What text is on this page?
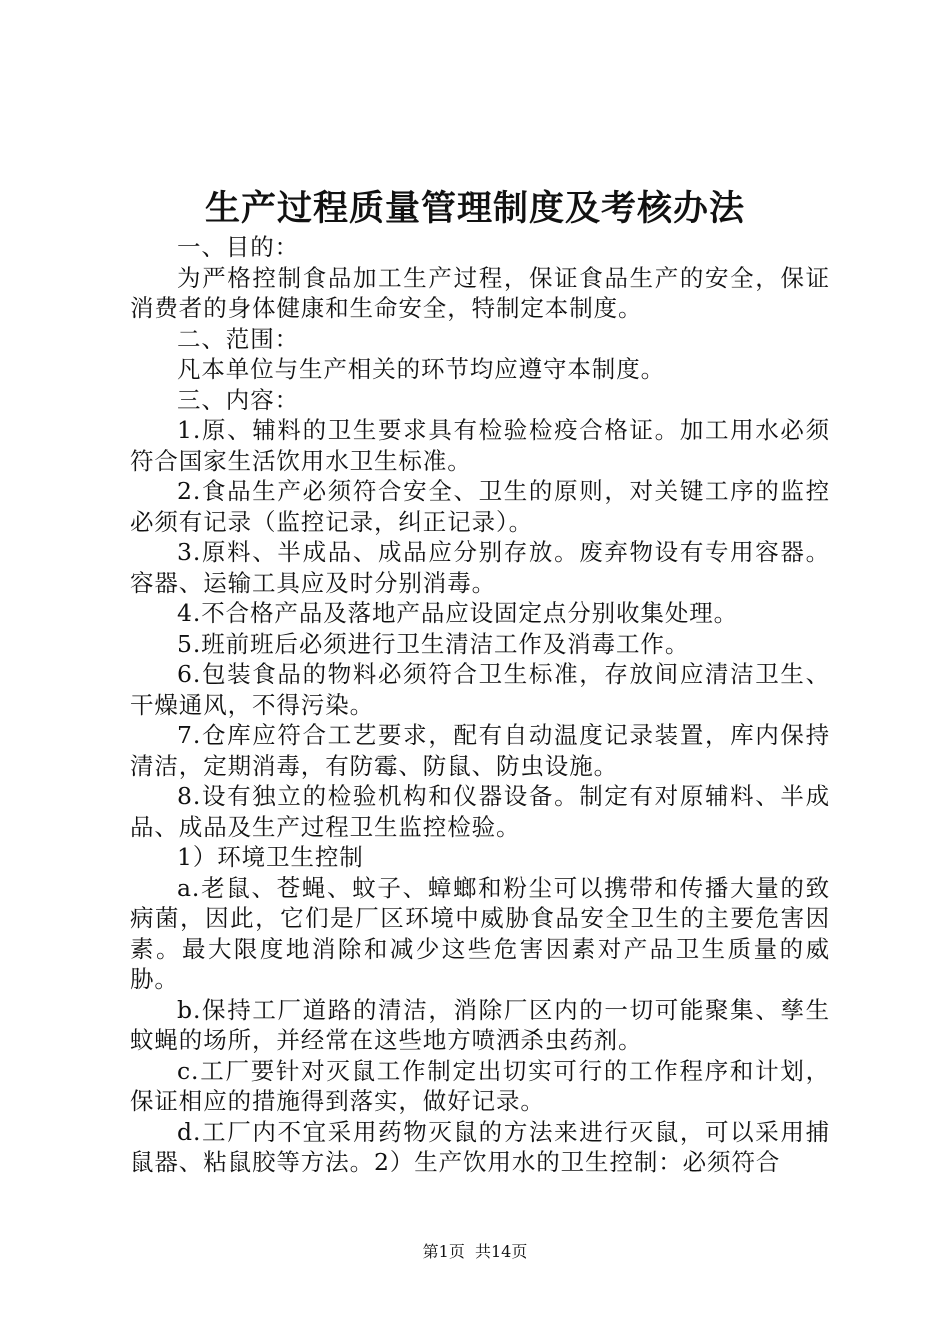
生产过程质量管理制度及考核办法

一、目的：

为严格控制食品加工生产过程，保证食品生产的安全，保证消费者的身体健康和生命安全，特制定本制度。

二、范围：

凡本单位与生产相关的环节均应遵守本制度。

三、内容：

1.原、辅料的卫生要求具有检验检疫合格证。加工用水必须符合国家生活饮用水卫生标准。

2.食品生产必须符合安全、卫生的原则，对关键工序的监控必须有记录（监控记录，纠正记录）。

3.原料、半成品、成品应分别存放。废弃物设有专用容器。容器、运输工具应及时分别消毒。

4.不合格产品及落地产品应设固定点分别收集处理。

5.班前班后必须进行卫生清洁工作及消毒工作。

6.包装食品的物料必须符合卫生标准，存放间应清洁卫生、干燥通风，不得污染。

7.仓库应符合工艺要求，配有自动温度记录装置，库内保持清洁，定期消毒，有防霉、防鼠、防虫设施。

8.设有独立的检验机构和仪器设备。制定有对原辅料、半成品、成品及生产过程卫生监控检验。

1）环境卫生控制

a.老鼠、苍蝇、蚊子、蟑螂和粉尘可以携带和传播大量的致病菌，因此，它们是厂区环境中威胁食品安全卫生的主要危害因素。最大限度地消除和减少这些危害因素对产品卫生质量的威胁。

b.保持工厂道路的清洁，消除厂区内的一切可能聚集、孳生蚊蝇的场所，并经常在这些地方喷洒杀虫药剂。

c.工厂要针对灭鼠工作制定出切实可行的工作程序和计划，保证相应的措施得到落实，做好记录。

d.工厂内不宜采用药物灭鼠的方法来进行灭鼠，可以采用捕鼠器、粘鼠胶等方法。2）生产饮用水的卫生控制：必须符合

第1页  共14页
